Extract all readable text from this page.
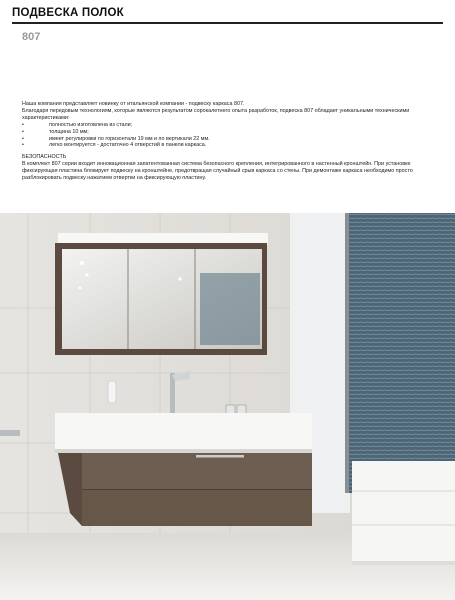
ПОДВЕСКА ПОЛОК
807

Наша компания представляет новинку от итальянской компании - подвеску каркаса 807.

Благодаря передовым технологиям, которые являются результатом сорокалетнего опыта разработок, подвеска 807 обладает уникальными техническими характеристиками:

• полностью изготовлена из стали;
• толщина 10 мм;
• имеет регулировки по горизонтали 19 мм и по вертикали 22 мм.
• легко монтируется - достаточно 4 отверстий в панели каркаса.

БЕЗОПАСНОСТЬ

В комплект 807 серии входит инновационная запатентованная система безопасного крепления, интегрированного в настенный кронштейн. При установке фиксирующая пластина блокирует подвеску на кронштейне, предотвращая случайный срыв каркаса со стены. При демонтаже каркаса необходимо просто разблокировать подвеску нажатием отвертки на фиксирующую пластину.
